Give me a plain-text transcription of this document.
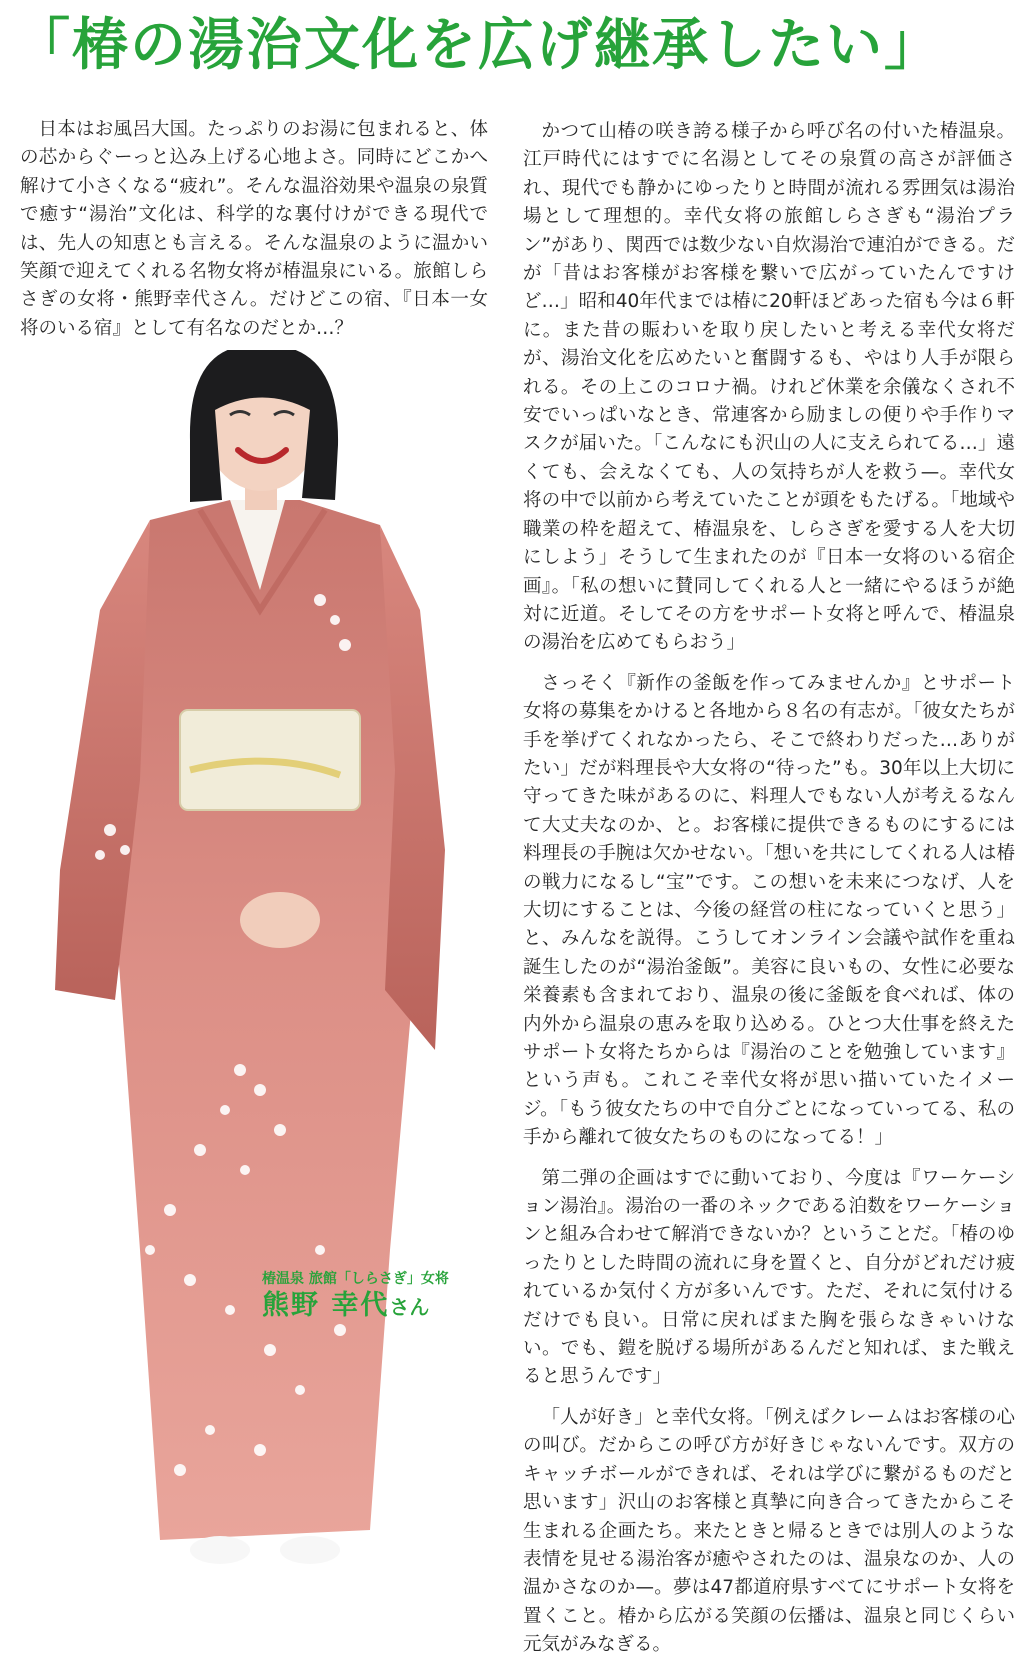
「椿の湯治文化を広げ継承したい」

日本はお風呂大国。たっぷりのお湯に包まれると、体の芯からぐーっと込み上げる心地よさ。同時にどこかへ解けて小さくなる“疲れ”。そんな温浴効果や温泉の泉質で癒す“湯治”文化は、科学的な裏付けができる現代では、先人の知恵とも言える。そんな温泉のように温かい笑顔で迎えてくれる名物女将が椿温泉にいる。旅館しらさぎの女将・熊野幸代さん。だけどこの宿、『日本一女将のいる宿』として有名なのだとか…？

椿温泉 旅館「しらさぎ」女将
熊野 幸代さん

かつて山椿の咲き誇る様子から呼び名の付いた椿温泉。江戸時代にはすでに名湯としてその泉質の高さが評価され、現代でも静かにゆったりと時間が流れる雰囲気は湯治場として理想的。幸代女将の旅館しらさぎも“湯治プラン”があり、関西では数少ない自炊湯治で連泊ができる。だが「昔はお客様がお客様を繋いで広がっていたんですけど…」昭和40年代までは椿に20軒ほどあった宿も今は６軒に。また昔の賑わいを取り戻したいと考える幸代女将だが、湯治文化を広めたいと奮闘するも、やはり人手が限られる。その上このコロナ禍。けれど休業を余儀なくされ不安でいっぱいなとき、常連客から励ましの便りや手作りマスクが届いた。「こんなにも沢山の人に支えられてる…」遠くても、会えなくても、人の気持ちが人を救う—。幸代女将の中で以前から考えていたことが頭をもたげる。「地域や職業の枠を超えて、椿温泉を、しらさぎを愛する人を大切にしよう」そうして生まれたのが『日本一女将のいる宿企画』。「私の想いに賛同してくれる人と一緒にやるほうが絶対に近道。そしてその方をサポート女将と呼んで、椿温泉の湯治を広めてもらおう」

さっそく『新作の釜飯を作ってみませんか』とサポート女将の募集をかけると各地から８名の有志が。「彼女たちが手を挙げてくれなかったら、そこで終わりだった…ありがたい」だが料理長や大女将の“待った”も。30年以上大切に守ってきた味があるのに、料理人でもない人が考えるなんて大丈夫なのか、と。お客様に提供できるものにするには料理長の手腕は欠かせない。「想いを共にしてくれる人は椿の戦力になるし“宝”です。この想いを未来につなげ、人を大切にすることは、今後の経営の柱になっていくと思う」と、みんなを説得。こうしてオンライン会議や試作を重ね誕生したのが“湯治釜飯”。美容に良いもの、女性に必要な栄養素も含まれており、温泉の後に釜飯を食べれば、体の内外から温泉の恵みを取り込める。ひとつ大仕事を終えたサポート女将たちからは『湯治のことを勉強しています』という声も。これこそ幸代女将が思い描いていたイメージ。「もう彼女たちの中で自分ごとになっていってる、私の手から離れて彼女たちのものになってる！」

第二弾の企画はすでに動いており、今度は『ワーケーション湯治』。湯治の一番のネックである泊数をワーケーションと組み合わせて解消できないか？ということだ。「椿のゆったりとした時間の流れに身を置くと、自分がどれだけ疲れているか気付く方が多いんです。ただ、それに気付けるだけでも良い。日常に戻ればまた胸を張らなきゃいけない。でも、鎧を脱げる場所があるんだと知れば、また戦えると思うんです」

「人が好き」と幸代女将。「例えばクレームはお客様の心の叫び。だからこの呼び方が好きじゃないんです。双方のキャッチボールができれば、それは学びに繋がるものだと思います」沢山のお客様と真摯に向き合ってきたからこそ生まれる企画たち。来たときと帰るときでは別人のような表情を見せる湯治客が癒やされたのは、温泉なのか、人の温かさなのか—。夢は47都道府県すべてにサポート女将を置くこと。椿から広がる笑顔の伝播は、温泉と同じくらい元気がみなぎる。
